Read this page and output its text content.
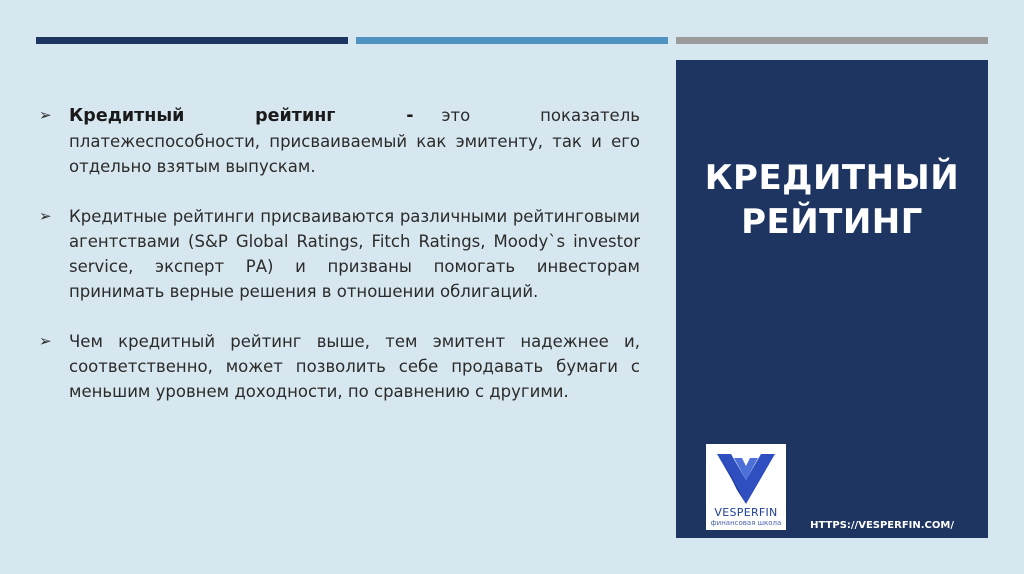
➢ Кредитный рейтинг - это показатель платежеспособности, присваиваемый как эмитенту, так и его отдельно взятым выпускам.
➢ Кредитные рейтинги присваиваются различными рейтинговыми агентствами (S&P Global Ratings, Fitch Ratings, Moody`s investor service, эксперт РА) и призваны помогать инвесторам принимать верные решения в отношении облигаций.
➢ Чем кредитный рейтинг выше, тем эмитент надежнее и, соответственно, может позволить себе продавать бумаги с меньшим уровнем доходности, по сравнению с другими.
КРЕДИТНЫЙ
РЕЙТИНГ
VESPERFIN
финансовая школа	HTTPS://VESPERFIN.COM/
